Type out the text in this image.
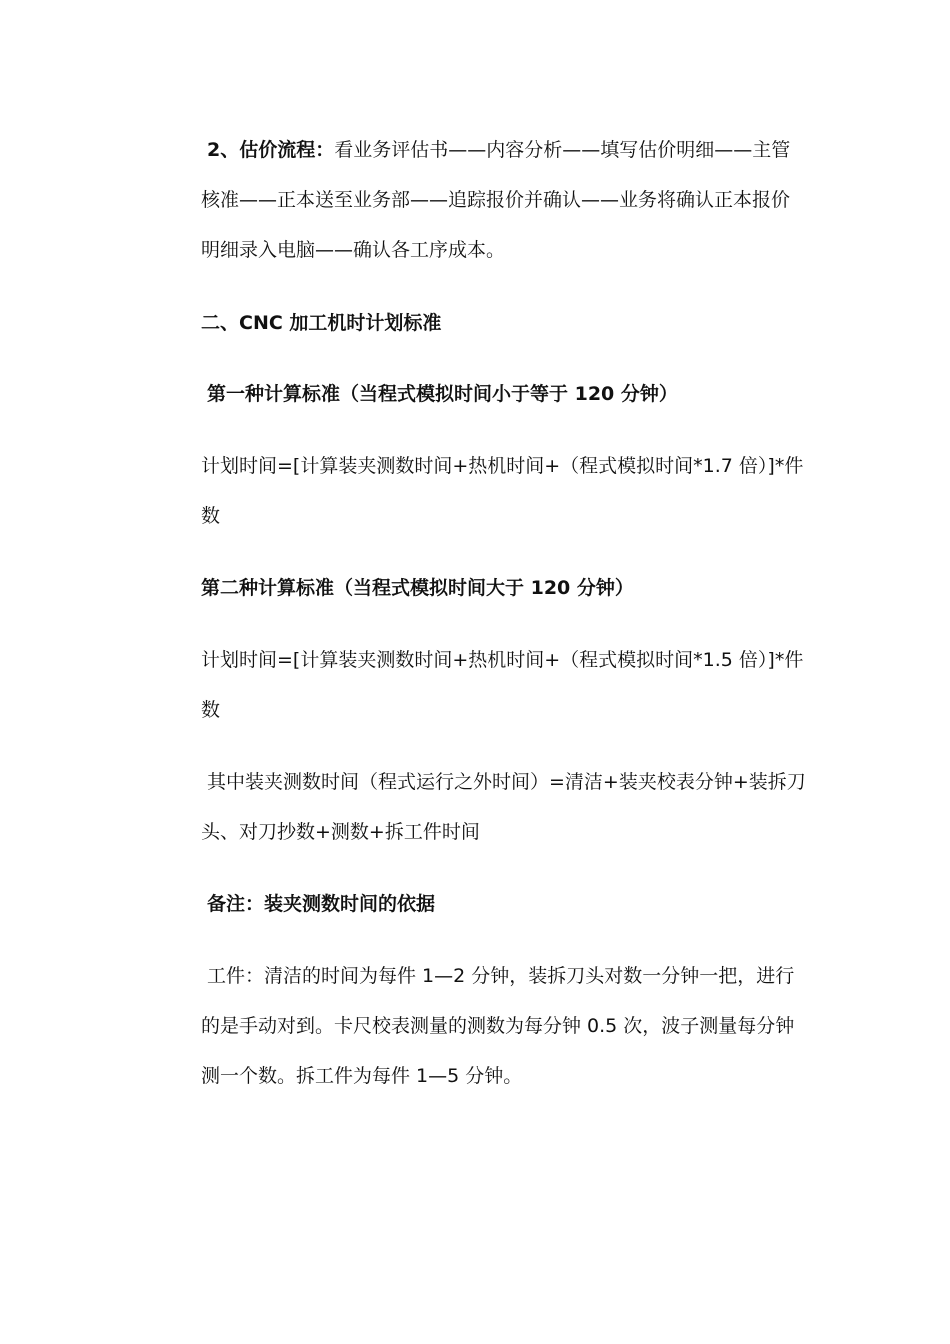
2、估价流程：看业务评估书——内容分析——填写估价明细——主管
核准——正本送至业务部——追踪报价并确认——业务将确认正本报价
明细录入电脑——确认各工序成本。
二、CNC 加工机时计划标准
第一种计算标准（当程式模拟时间小于等于 120 分钟）
计划时间=[计算装夹测数时间+热机时间+（程式模拟时间*1.7 倍）]*件
数
第二种计算标准（当程式模拟时间大于 120 分钟）
计划时间=[计算装夹测数时间+热机时间+（程式模拟时间*1.5 倍）]*件
数
其中装夹测数时间（程式运行之外时间）=清洁+装夹校表分钟+装拆刀
头、对刀抄数+测数+拆工件时间
备注：装夹测数时间的依据
工件：清洁的时间为每件 1—2 分钟，装拆刀头对数一分钟一把，进行
的是手动对到。卡尺校表测量的测数为每分钟 0.5 次，波子测量每分钟
测一个数。拆工件为每件 1—5 分钟。
